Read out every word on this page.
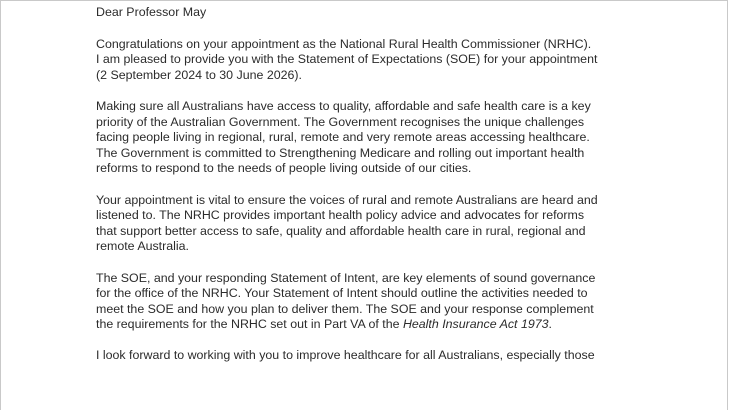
Dear Professor May
Congratulations on your appointment as the National Rural Health Commissioner (NRHC).
I am pleased to provide you with the Statement of Expectations (SOE) for your appointment
(2 September 2024 to 30 June 2026).
Making sure all Australians have access to quality, affordable and safe health care is a key
priority of the Australian Government. The Government recognises the unique challenges
facing people living in regional, rural, remote and very remote areas accessing healthcare.
The Government is committed to Strengthening Medicare and rolling out important health
reforms to respond to the needs of people living outside of our cities.
Your appointment is vital to ensure the voices of rural and remote Australians are heard and
listened to. The NRHC provides important health policy advice and advocates for reforms
that support better access to safe, quality and affordable health care in rural, regional and
remote Australia.
The SOE, and your responding Statement of Intent, are key elements of sound governance
for the office of the NRHC. Your Statement of Intent should outline the activities needed to
meet the SOE and how you plan to deliver them. The SOE and your response complement
the requirements for the NRHC set out in Part VA of the Health Insurance Act 1973.
I look forward to working with you to improve healthcare for all Australians, especially those
